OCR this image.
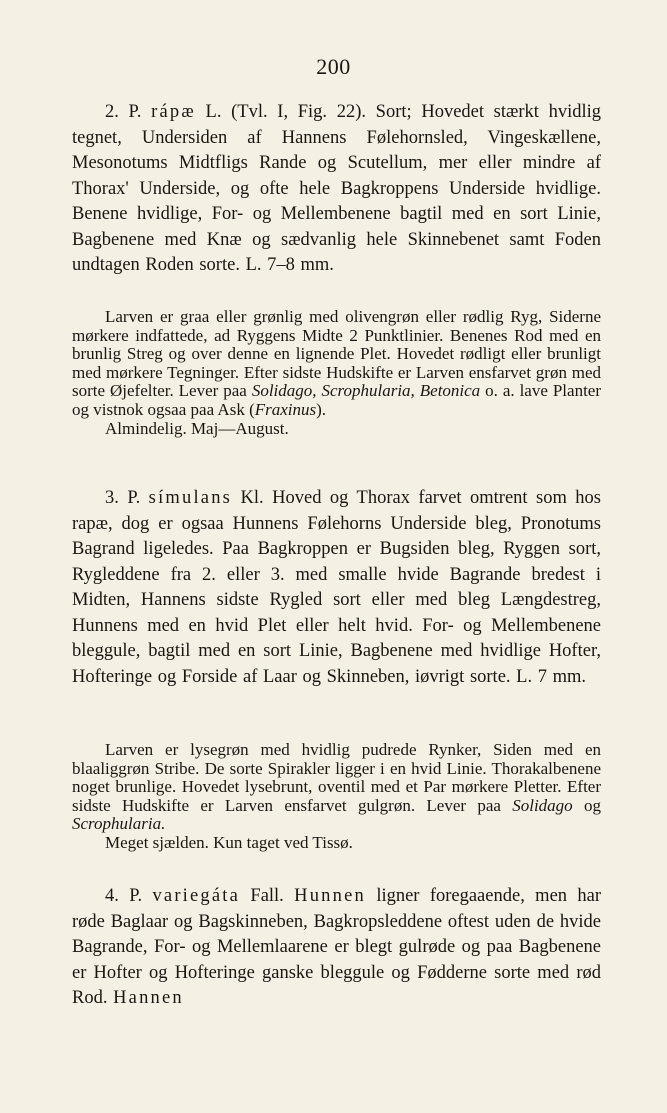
200

2. P. rápæ L. (Tvl. I, Fig. 22). Sort; Hovedet stærkt hvidlig tegnet, Undersiden af Hannens Følehornsled, Vingeskællene, Mesonotums Midtfligs Rande og Scutellum, mer eller mindre af Thorax' Underside, og ofte hele Bagkroppens Underside hvidlige. Benene hvidlige, For- og Mellembenene bagtil med en sort Linie, Bagbenene med Knæ og sædvanlig hele Skinnebenet samt Foden undtagen Roden sorte. L. 7–8 mm.

Larven er graa eller grønlig med olivengrøn eller rødlig Ryg, Siderne mørkere indfattede, ad Ryggens Midte 2 Punktlinier. Benenes Rod med en brunlig Streg og over denne en lignende Plet. Hovedet rødligt eller brunligt med mørkere Tegninger. Efter sidste Hudskifte er Larven ensfarvet grøn med sorte Øjefelter. Lever paa Solidago, Scrophularia, Betonica o. a. lave Planter og vistnok ogsaa paa Ask (Fraxinus).

Almindelig. Maj—August.

3. P. símulans Kl. Hoved og Thorax farvet omtrent som hos rapæ, dog er ogsaa Hunnens Følehorns Underside bleg, Pronotums Bagrand ligeledes. Paa Bagkroppen er Bugsiden bleg, Ryggen sort, Rygleddene fra 2. eller 3. med smalle hvide Bagrande bredest i Midten, Hannens sidste Rygled sort eller med bleg Længdestreg, Hunnens med en hvid Plet eller helt hvid. For- og Mellembenene bleggule, bagtil med en sort Linie, Bagbenene med hvidlige Hofter, Hofteringe og Forside af Laar og Skinneben, iøvrigt sorte. L. 7 mm.

Larven er lysegrøn med hvidlig pudrede Rynker, Siden med en blaaliggrøn Stribe. De sorte Spirakler ligger i en hvid Linie. Thorakalbenene noget brunlige. Hovedet lysebrunt, oventil med et Par mørkere Pletter. Efter sidste Hudskifte er Larven ensfarvet gulgrøn. Lever paa Solidago og Scrophularia.

Meget sjælden. Kun taget ved Tissø.

4. P. variegáta Fall. Hunnen ligner foregaaende, men har røde Baglaar og Bagskinneben, Bagkropsleddene oftest uden de hvide Bagrande, For- og Mellemlaarene er blegt gulrøde og paa Bagbenene er Hofter og Hofteringe ganske bleggule og Fødderne sorte med rød Rod. Hannen
